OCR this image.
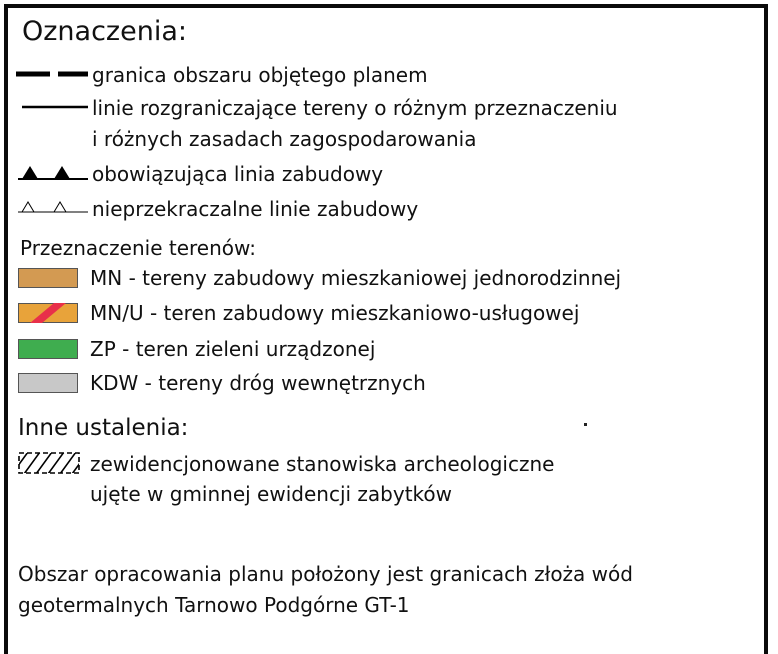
Oznaczenia:
granica obszaru objętego planem
linie rozgraniczające tereny o różnym przeznaczeniu
i różnych zasadach zagospodarowania
obowiązująca linia zabudowy
nieprzekraczalne linie zabudowy
Przeznaczenie terenów:
MN - tereny zabudowy mieszkaniowej jednorodzinnej
MN/U - teren zabudowy mieszkaniowo-usługowej
ZP - teren zieleni urządzonej
KDW - tereny dróg wewnętrznych
Inne ustalenia:
zewidencjonowane stanowiska archeologiczne
ujęte w gminnej ewidencji zabytków
Obszar opracowania planu położony jest granicach złoża wód
geotermalnych Tarnowo Podgórne GT-1
